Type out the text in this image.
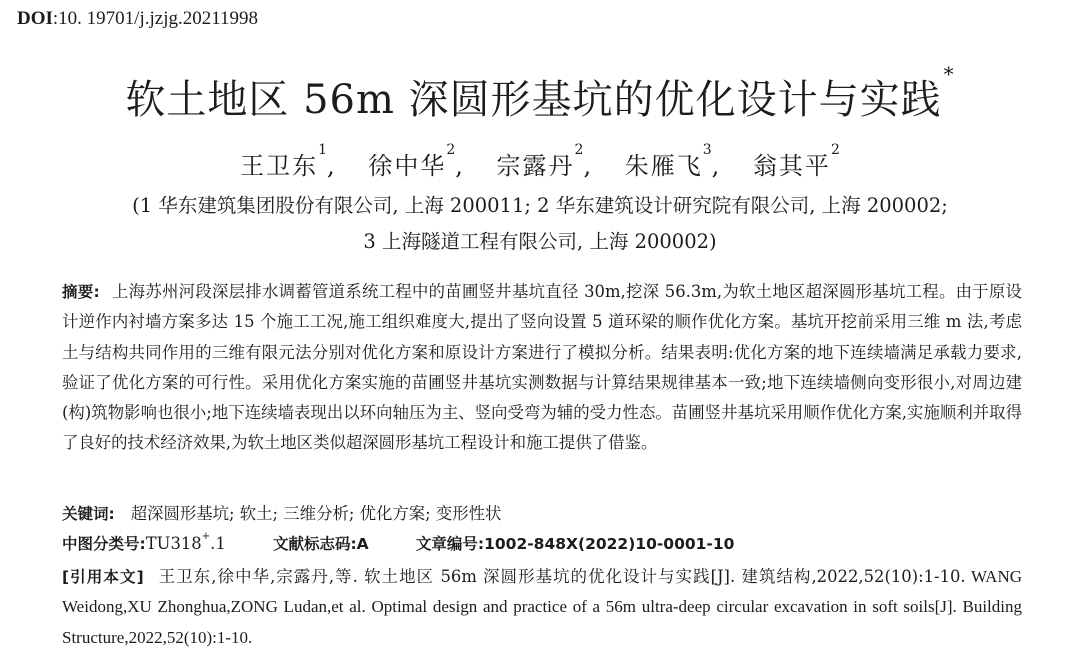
DOI:10. 19701/j.jzjg.20211998
软土地区 56m 深圆形基坑的优化设计与实践*
王卫东$^1$, 徐中华$^2$, 宗露丹$^2$, 朱雁飞$^3$, 翁其平$^2$
(1 华东建筑集团股份有限公司, 上海 200011; 2 华东建筑设计研究院有限公司, 上海 200002;
3 上海隧道工程有限公司, 上海 200002)
摘要: 上海苏州河段深层排水调蓄管道系统工程中的苗圃竖井基坑直径 30m,挖深 56.3m,为软土地区超深圆形基坑工程。由于原设计逆作内衬墙方案多达 15 个施工工况,施工组织难度大,提出了竖向设置 5 道环梁的顺作优化方案。基坑开挖前采用三维 m 法,考虑土与结构共同作用的三维有限元法分别对优化方案和原设计方案进行了模拟分析。结果表明:优化方案的地下连续墙满足承载力要求,验证了优化方案的可行性。采用优化方案实施的苗圃竖井基坑实测数据与计算结果规律基本一致;地下连续墙侧向变形很小,对周边建(构)筑物影响也很小;地下连续墙表现出以环向轴压为主、竖向受弯为辅的受力性态。苗圃竖井基坑采用顺作优化方案,实施顺利并取得了良好的技术经济效果,为软土地区类似超深圆形基坑工程设计和施工提供了借鉴。
关键词: 超深圆形基坑; 软土; 三维分析; 优化方案; 变形性状
中图分类号:TU318+.1	文献标志码:A	文章编号:1002-848X(2022)10-0001-10
[引用本文] 王卫东,徐中华,宗露丹,等. 软土地区 56m 深圆形基坑的优化设计与实践[J]. 建筑结构,2022,52(10):1-10. WANG Weidong,XU Zhonghua,ZONG Ludan,et al. Optimal design and practice of a 56m ultra-deep circular excavation in soft soils[J]. Building Structure,2022,52(10):1-10.
